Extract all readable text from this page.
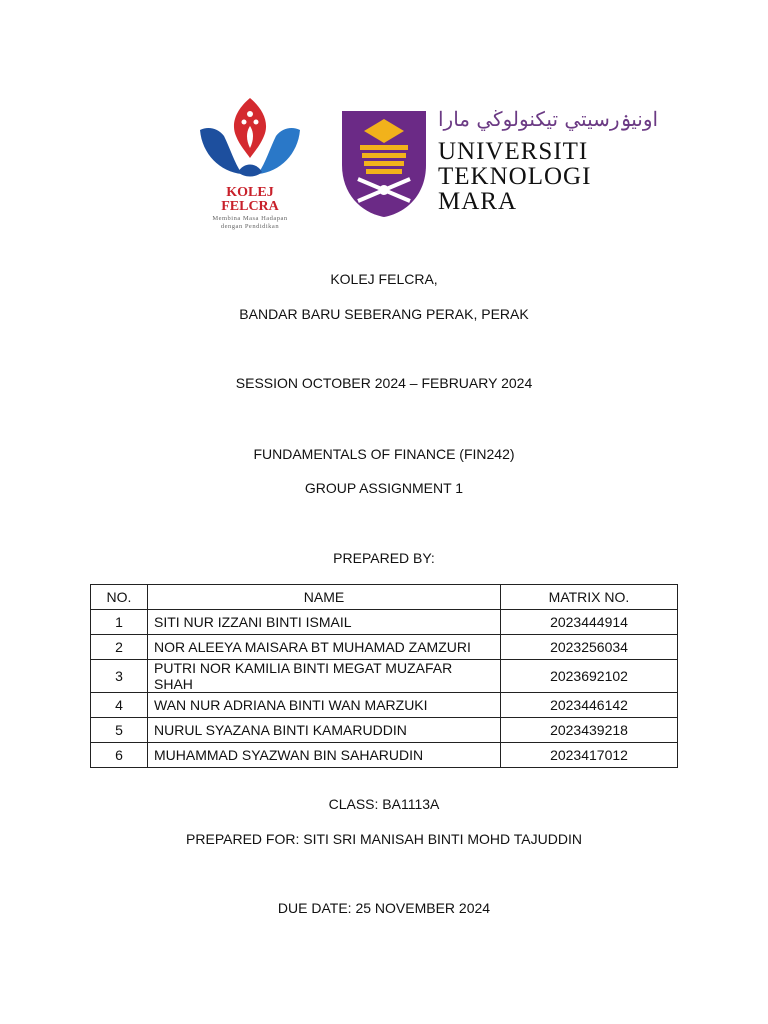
KOLEJ
FELCRA
Membina Masa Hadapan
dengan Pendidikan
اونيۏرسيتي تيكنولوڬي مارا
UNIVERSITI
TEKNOLOGI
MARA
KOLEJ FELCRA,
BANDAR BARU SEBERANG PERAK, PERAK
SESSION OCTOBER 2024 – FEBRUARY 2024
FUNDAMENTALS OF FINANCE (FIN242)
GROUP ASSIGNMENT 1
PREPARED BY:
NO.	NAME	MATRIX NO.
1	SITI NUR IZZANI BINTI ISMAIL	2023444914
2	NOR ALEEYA MAISARA BT MUHAMAD ZAMZURI	2023256034
3	PUTRI NOR KAMILIA BINTI MEGAT MUZAFAR SHAH	2023692102
4	WAN NUR ADRIANA BINTI WAN MARZUKI	2023446142
5	NURUL SYAZANA BINTI KAMARUDDIN	2023439218
6	MUHAMMAD SYAZWAN BIN SAHARUDIN	2023417012
CLASS: BA1113A
PREPARED FOR: SITI SRI MANISAH BINTI MOHD TAJUDDIN
DUE DATE: 25 NOVEMBER 2024
